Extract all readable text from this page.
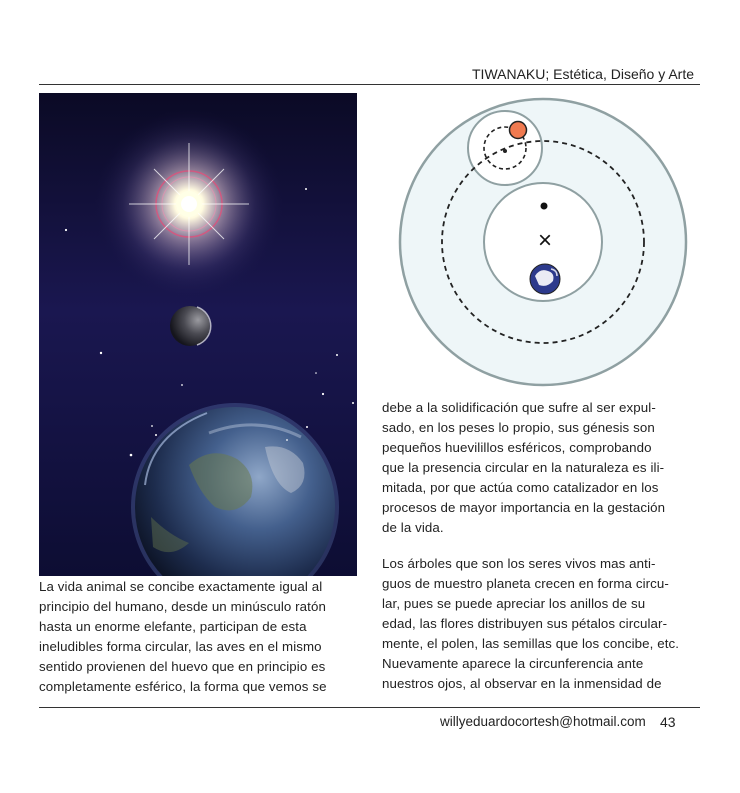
TIWANAKU; Estética, Diseño y Arte
La vida animal se concibe exactamente igual al
principio del humano, desde un minúsculo ratón
hasta un enorme elefante, participan de esta
ineludibles forma circular, las aves en el mismo
sentido provienen del huevo que en principio es
completamente esférico, la forma que vemos se
×
debe a la solidificación que sufre al ser expul-
sado, en los peses lo propio, sus génesis son
pequeños huevilillos esféricos, comprobando
que la presencia circular en la naturaleza es ili-
mitada, por que actúa como catalizador en los
procesos de mayor importancia en la gestación
de la vida.
Los árboles que son los seres vivos mas anti-
guos de muestro planeta crecen en forma circu-
lar, pues se puede apreciar los anillos de su
edad, las flores distribuyen sus pétalos circular-
mente, el polen, las semillas que los concibe, etc.
Nuevamente aparece la circunferencia ante
nuestros ojos, al observar en la inmensidad de
willyeduardocortesh@hotmail.com 43
